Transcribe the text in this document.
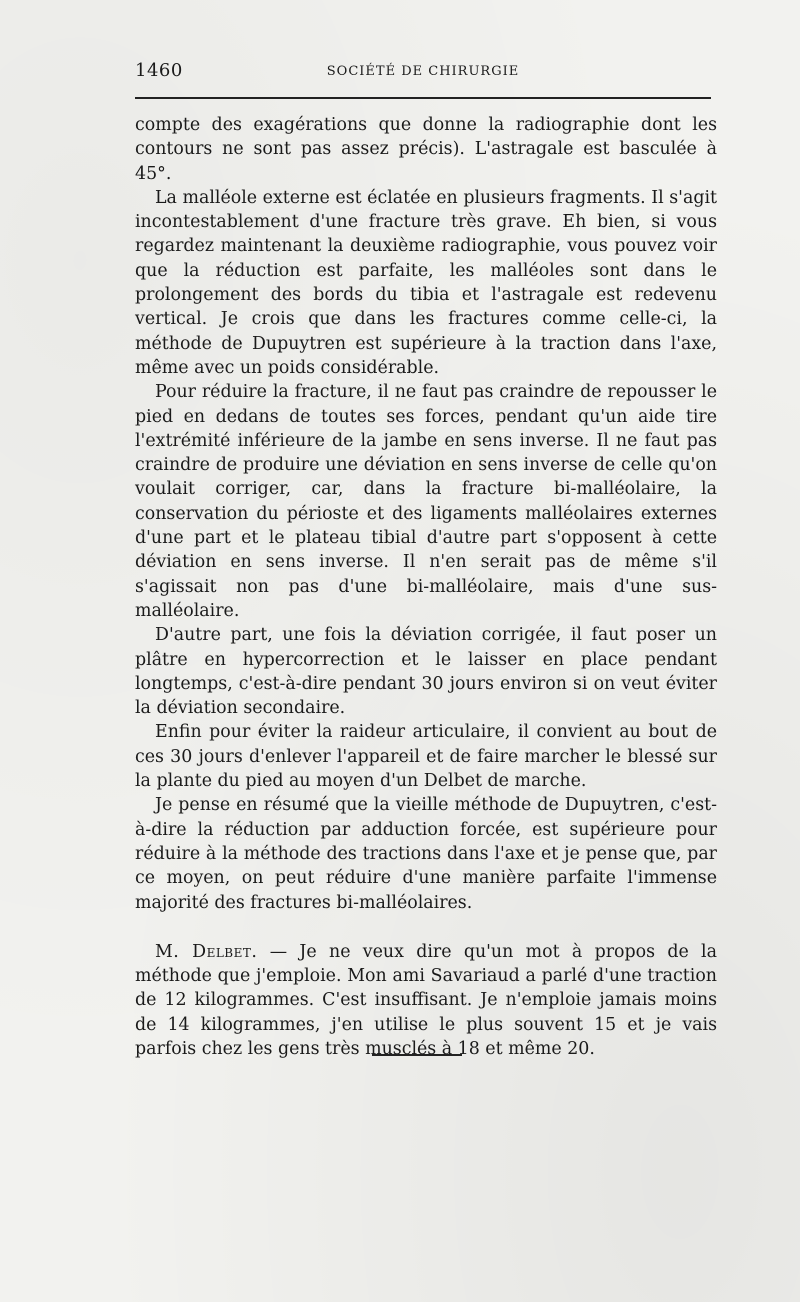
1460	SOCIÉTÉ DE CHIRURGIE

compte des exagérations que donne la radiographie dont les contours ne sont pas assez précis). L'astragale est basculée à 45°.

La malléole externe est éclatée en plusieurs fragments. Il s'agit incontestablement d'une fracture très grave. Eh bien, si vous regardez maintenant la deuxième radiographie, vous pouvez voir que la réduction est parfaite, les malléoles sont dans le prolongement des bords du tibia et l'astragale est redevenu vertical. Je crois que dans les fractures comme celle-ci, la méthode de Dupuytren est supérieure à la traction dans l'axe, même avec un poids considérable.

Pour réduire la fracture, il ne faut pas craindre de repousser le pied en dedans de toutes ses forces, pendant qu'un aide tire l'extrémité inférieure de la jambe en sens inverse. Il ne faut pas craindre de produire une déviation en sens inverse de celle qu'on voulait corriger, car, dans la fracture bi-malléolaire, la conservation du périoste et des ligaments malléolaires externes d'une part et le plateau tibial d'autre part s'opposent à cette déviation en sens inverse. Il n'en serait pas de même s'il s'agissait non pas d'une bi-malléolaire, mais d'une sus-malléolaire.

D'autre part, une fois la déviation corrigée, il faut poser un plâtre en hypercorrection et le laisser en place pendant longtemps, c'est-à-dire pendant 30 jours environ si on veut éviter la déviation secondaire.

Enfin pour éviter la raideur articulaire, il convient au bout de ces 30 jours d'enlever l'appareil et de faire marcher le blessé sur la plante du pied au moyen d'un Delbet de marche.

Je pense en résumé que la vieille méthode de Dupuytren, c'est-à-dire la réduction par adduction forcée, est supérieure pour réduire à la méthode des tractions dans l'axe et je pense que, par ce moyen, on peut réduire d'une manière parfaite l'immense majorité des fractures bi-malléolaires.

M. Delbet. — Je ne veux dire qu'un mot à propos de la méthode que j'emploie. Mon ami Savariaud a parlé d'une traction de 12 kilogrammes. C'est insuffisant. Je n'emploie jamais moins de 14 kilogrammes, j'en utilise le plus souvent 15 et je vais parfois chez les gens très musclés à 18 et même 20.
